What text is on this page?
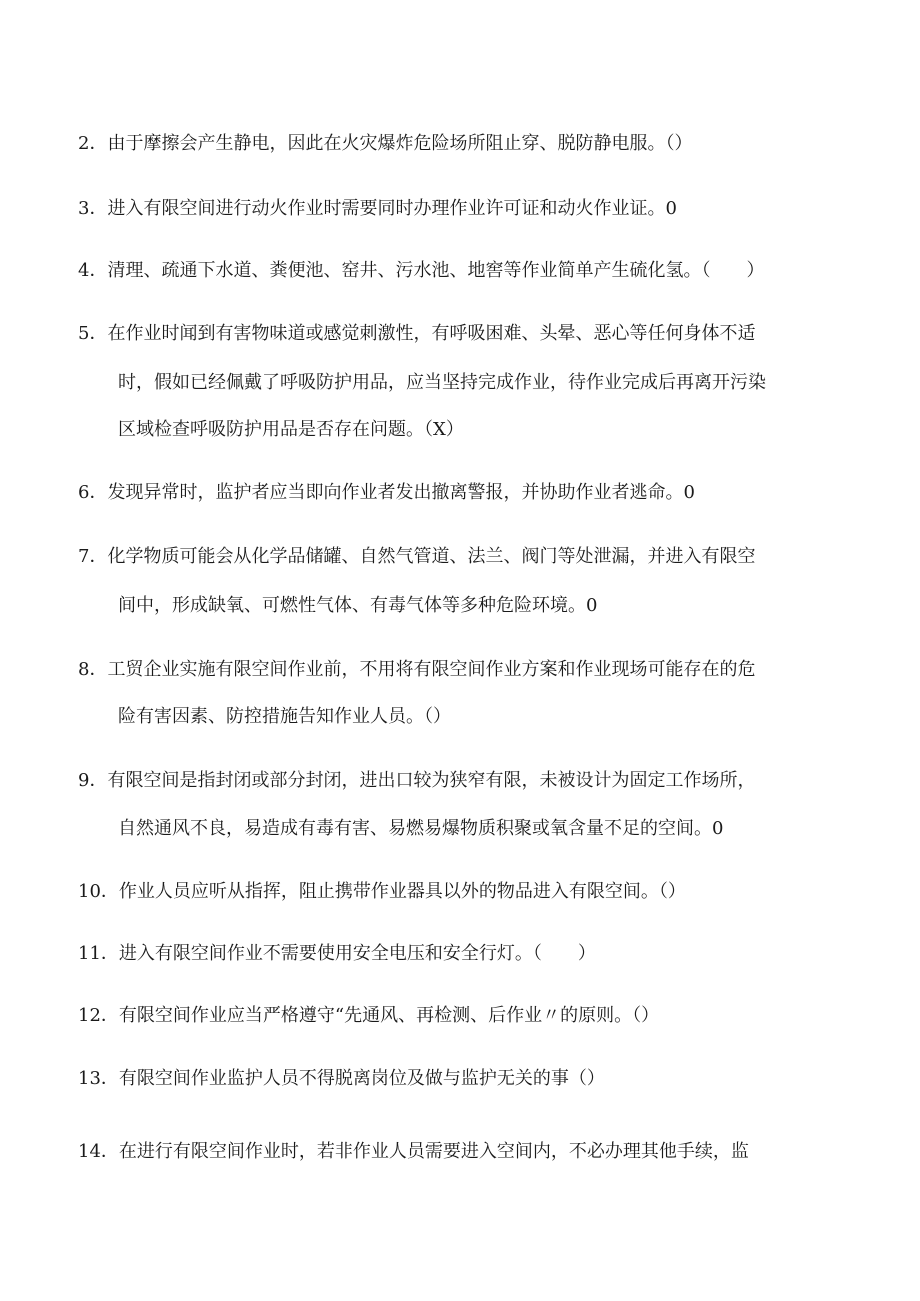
2．由于摩擦会产生静电，因此在火灾爆炸危险场所阻止穿、脱防静电服。（）
3．进入有限空间进行动火作业时需要同时办理作业许可证和动火作业证。0
4．清理、疏通下水道、粪便池、窑井、污水池、地窖等作业简单产生硫化氢。（　　）
5．在作业时闻到有害物味道或感觉刺激性，有呼吸困难、头晕、恶心等任何身体不适
时，假如已经佩戴了呼吸防护用品，应当坚持完成作业，待作业完成后再离开污染
区域检查呼吸防护用品是否存在问题。（X）
6．发现异常时，监护者应当即向作业者发出撤离警报，并协助作业者逃命。0
7．化学物质可能会从化学品储罐、自然气管道、法兰、阀门等处泄漏，并进入有限空
间中，形成缺氧、可燃性气体、有毒气体等多种危险环境。0
8．工贸企业实施有限空间作业前，不用将有限空间作业方案和作业现场可能存在的危
险有害因素、防控措施告知作业人员。（）
9．有限空间是指封闭或部分封闭，进出口较为狭窄有限，未被设计为固定工作场所，
自然通风不良，易造成有毒有害、易燃易爆物质积聚或氧含量不足的空间。0
10．作业人员应听从指挥，阻止携带作业器具以外的物品进入有限空间。（）
11．进入有限空间作业不需要使用安全电压和安全行灯。（　　）
12．有限空间作业应当严格遵守“先通风、再检测、后作业〃的原则。（）
13．有限空间作业监护人员不得脱离岗位及做与监护无关的事（）
14．在进行有限空间作业时，若非作业人员需要进入空间内，不必办理其他手续，监
